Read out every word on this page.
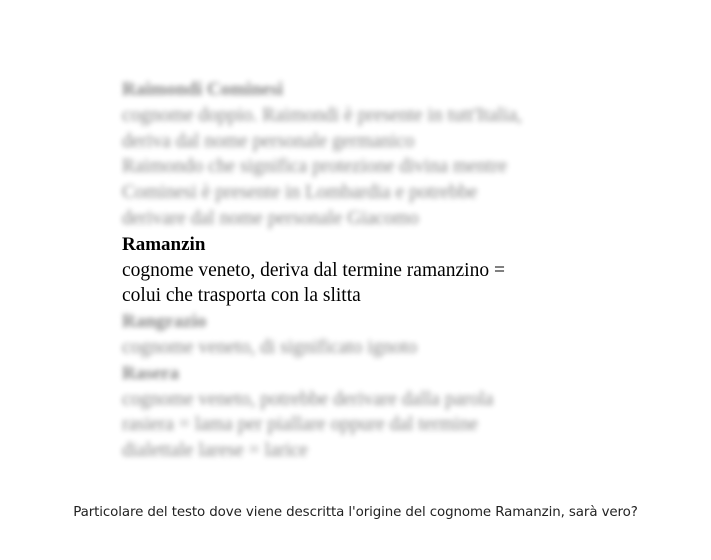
Raimondi Cominesi

cognome doppio. Raimondi è presente in tutt'Italia,

deriva dal nome personale germanico

Raimondo che significa protezione divina mentre

Cominesi è presente in Lombardia e potrebbe

derivare dal nome personale Giacomo

Ramanzin

cognome veneto, deriva dal termine ramanzino =

colui che trasporta con la slitta

Rangrazio

cognome veneto, di significato ignoto

Rasera

cognome veneto, potrebbe derivare dalla parola

rasiera = lama per piallare oppure dal termine

dialettale larese = larice

Particolare del testo dove viene descritta l'origine del cognome Ramanzin, sarà vero?
